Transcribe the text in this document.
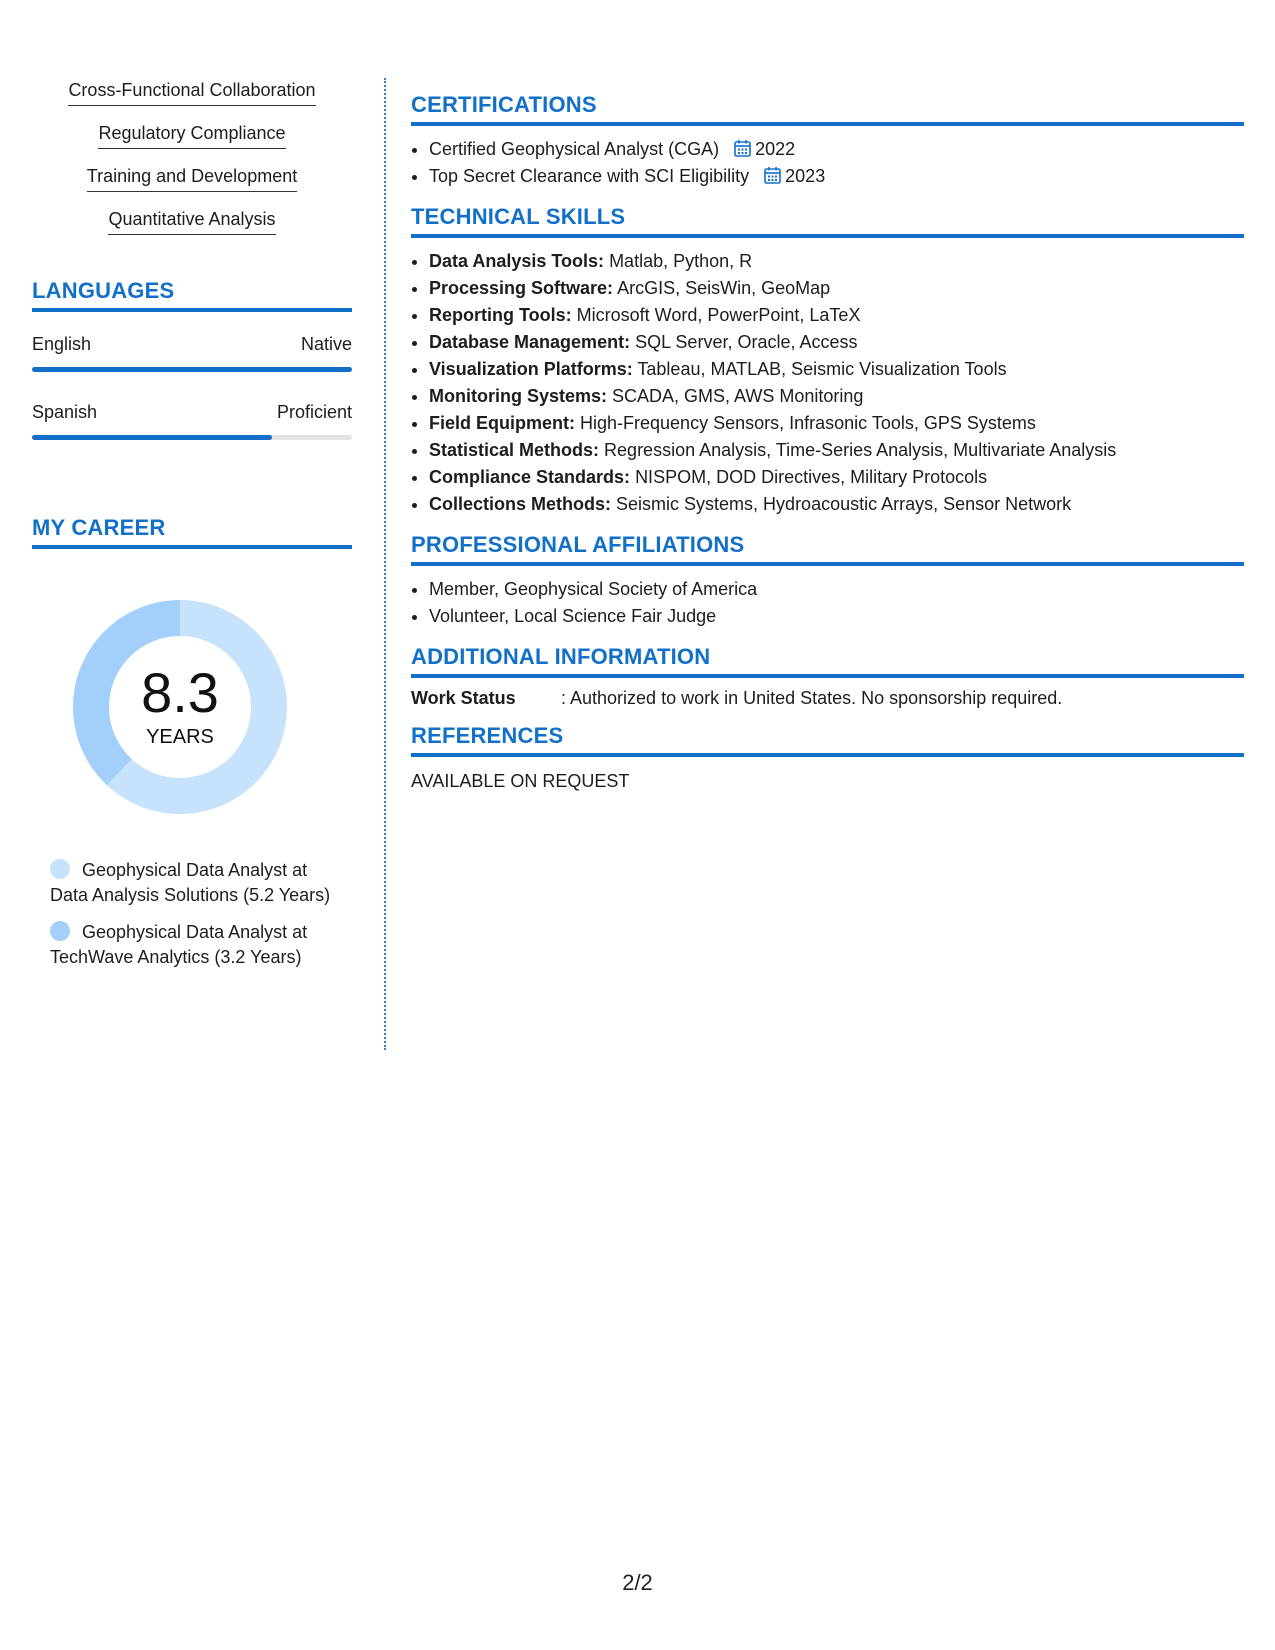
Cross-Functional Collaboration
Regulatory Compliance
Training and Development
Quantitative Analysis
LANGUAGES
English	Native
Spanish	Proficient
MY CAREER
8.3
YEARS
Geophysical Data Analyst at Data Analysis Solutions (5.2 Years)
Geophysical Data Analyst at TechWave Analytics (3.2 Years)
CERTIFICATIONS
• Certified Geophysical Analyst (CGA) 2022
• Top Secret Clearance with SCI Eligibility 2023
TECHNICAL SKILLS
• Data Analysis Tools: Matlab, Python, R
• Processing Software: ArcGIS, SeisWin, GeoMap
• Reporting Tools: Microsoft Word, PowerPoint, LaTeX
• Database Management: SQL Server, Oracle, Access
• Visualization Platforms: Tableau, MATLAB, Seismic Visualization Tools
• Monitoring Systems: SCADA, GMS, AWS Monitoring
• Field Equipment: High-Frequency Sensors, Infrasonic Tools, GPS Systems
• Statistical Methods: Regression Analysis, Time-Series Analysis, Multivariate Analysis
• Compliance Standards: NISPOM, DOD Directives, Military Protocols
• Collections Methods: Seismic Systems, Hydroacoustic Arrays, Sensor Network
PROFESSIONAL AFFILIATIONS
• Member, Geophysical Society of America
• Volunteer, Local Science Fair Judge
ADDITIONAL INFORMATION
Work Status	: Authorized to work in United States. No sponsorship required.
REFERENCES
AVAILABLE ON REQUEST
2/2
